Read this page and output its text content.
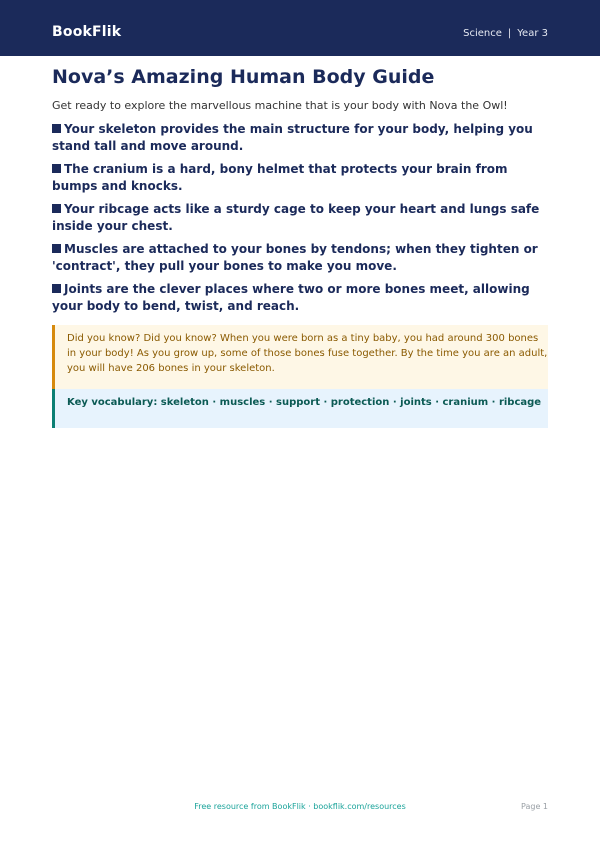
BookFlik	Science | Year 3
Nova’s Amazing Human Body Guide

Get ready to explore the marvellous machine that is your body with Nova the Owl!

Your skeleton provides the main structure for your body, helping you stand tall and move around.
The cranium is a hard, bony helmet that protects your brain from bumps and knocks.
Your ribcage acts like a sturdy cage to keep your heart and lungs safe inside your chest.
Muscles are attached to your bones by tendons; when they tighten or 'contract', they pull your bones to make you move.
Joints are the clever places where two or more bones meet, allowing your body to bend, twist, and reach.

Did you know? Did you know? When you were born as a tiny baby, you had around 300 bones in your body! As you grow up, some of those bones fuse together. By the time you are an adult, you will have 206 bones in your skeleton.

Key vocabulary: skeleton · muscles · support · protection · joints · cranium · ribcage

Free resource from BookFlik · bookflik.com/resources	Page 1
